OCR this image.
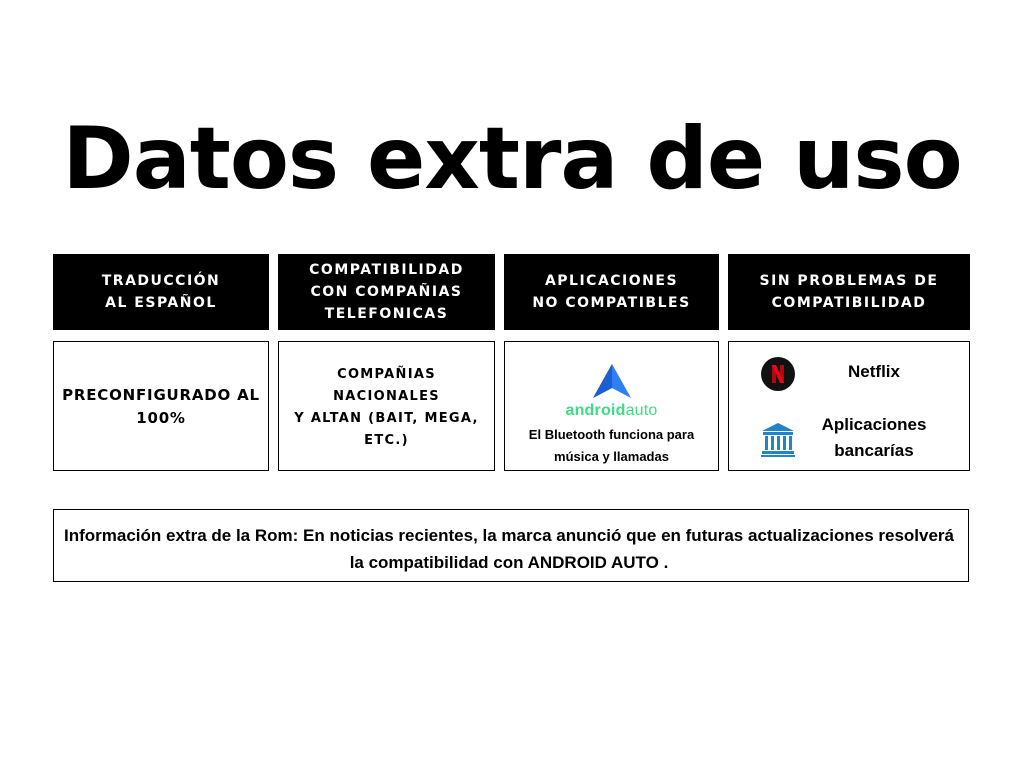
Datos extra de uso
TRADUCCIÓN
AL ESPAÑOL
COMPATIBILIDAD
CON COMPAÑIAS
TELEFONICAS
APLICACIONES
NO COMPATIBLES
SIN PROBLEMAS DE
COMPATIBILIDAD
PRECONFIGURADO AL
100%
COMPAÑIAS
NACIONALES
Y ALTAN (BAIT, MEGA,
ETC.)
androidauto
El Bluetooth funciona para
música y llamadas
Netflix
Aplicaciones
bancarías
Información extra de la Rom: En noticias recientes, la marca anunció que en futuras actualizaciones resolverá la compatibilidad con ANDROID AUTO .
